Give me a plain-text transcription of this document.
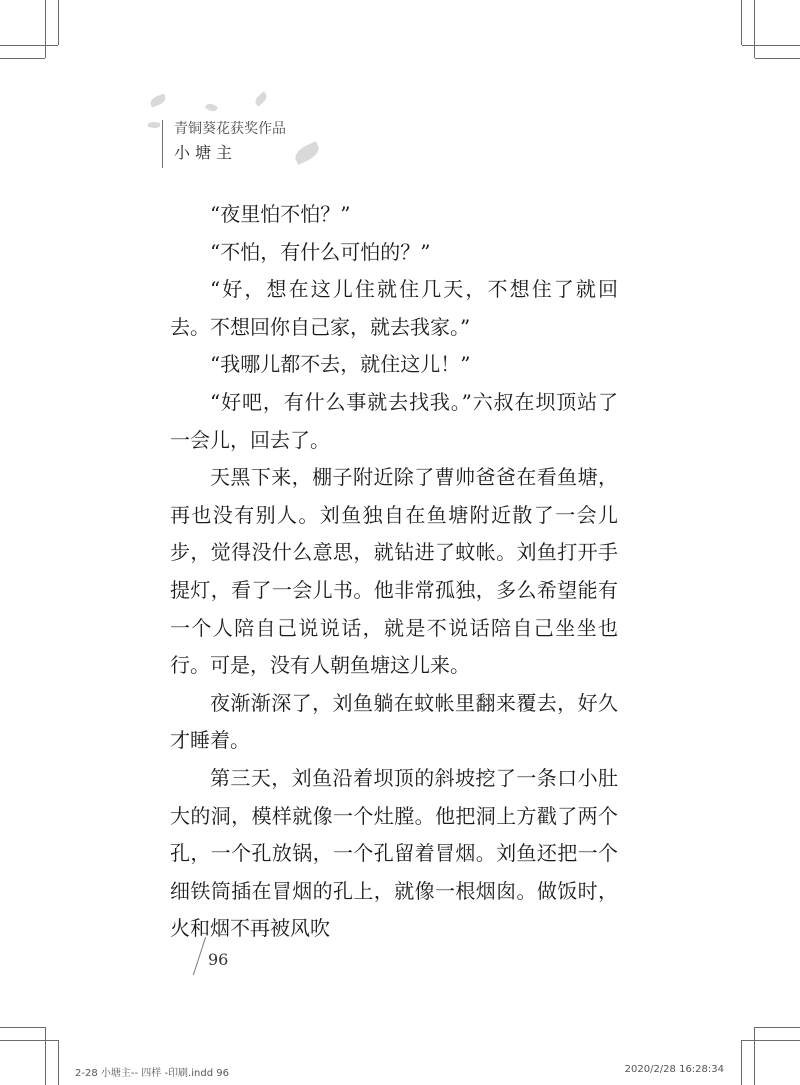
青铜葵花获奖作品
小塘主

“夜里怕不怕？”

“不怕，有什么可怕的？”

“好，想在这儿住就住几天，不想住了就回去。不想回你自己家，就去我家。”

“我哪儿都不去，就住这儿！”

“好吧，有什么事就去找我。”六叔在坝顶站了一会儿，回去了。

天黑下来，棚子附近除了曹帅爸爸在看鱼塘，再也没有别人。刘鱼独自在鱼塘附近散了一会儿步，觉得没什么意思，就钻进了蚊帐。刘鱼打开手提灯，看了一会儿书。他非常孤独，多么希望能有一个人陪自己说说话，就是不说话陪自己坐坐也行。可是，没有人朝鱼塘这儿来。

夜渐渐深了，刘鱼躺在蚊帐里翻来覆去，好久才睡着。

第三天，刘鱼沿着坝顶的斜坡挖了一条口小肚大的洞，模样就像一个灶膛。他把洞上方戳了两个孔，一个孔放锅，一个孔留着冒烟。刘鱼还把一个细铁筒插在冒烟的孔上，就像一根烟囱。做饭时，火和烟不再被风吹

96
2-28 小塘主-- 四样 -印刷.indd 96	2020/2/28 16:28:34
